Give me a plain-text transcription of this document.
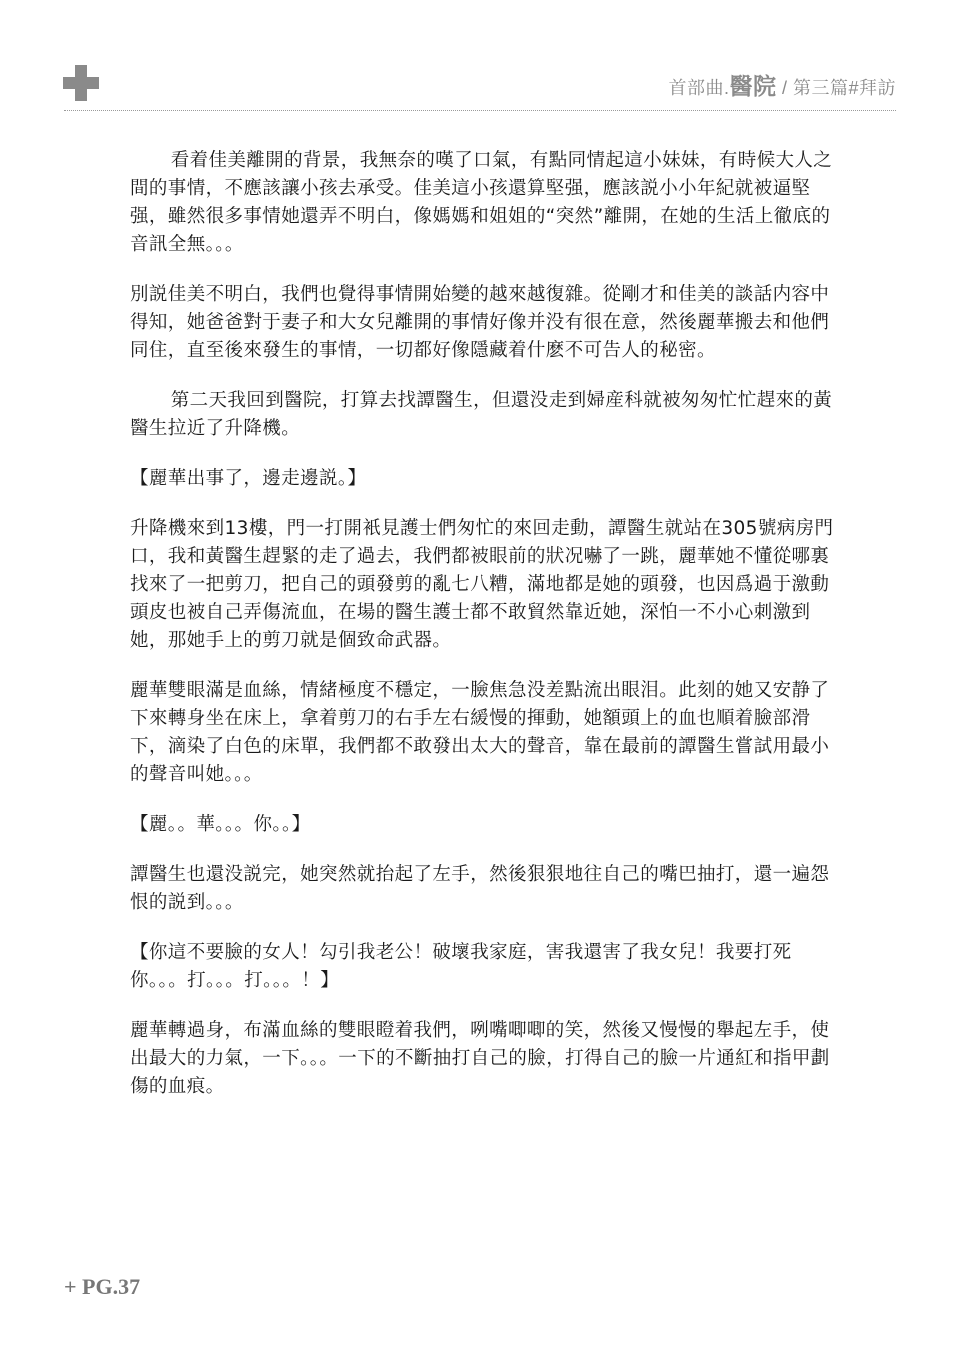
首部曲.醫院 / 第三篇#拜訪

看着佳美離開的背景，我無奈的嘆了口氣，有點同情起這小妹妹，有時候大人之間的事情，不應該讓小孩去承受。佳美這小孩還算堅强，應該説小小年紀就被逼堅强，雖然很多事情她還弄不明白，像媽媽和姐姐的“突然”離開，在她的生活上徹底的音訊全無。。。

別説佳美不明白，我們也覺得事情開始變的越來越復雜。從剛才和佳美的談話内容中得知，她爸爸對于妻子和大女兒離開的事情好像并没有很在意，然後麗華搬去和他們同住，直至後來發生的事情，一切都好像隱藏着什麽不可告人的秘密。

第二天我回到醫院，打算去找譚醫生，但還没走到婦産科就被匆匆忙忙趕來的黃醫生拉近了升降機。

【麗華出事了，邊走邊説。】

升降機來到13樓，門一打開衹見護士們匆忙的來回走動，譚醫生就站在305號病房門口，我和黃醫生趕緊的走了過去，我們都被眼前的狀况嚇了一跳，麗華她不懂從哪裏找來了一把剪刀，把自己的頭發剪的亂七八糟，滿地都是她的頭發，也因爲過于激動頭皮也被自己弄傷流血，在場的醫生護士都不敢貿然靠近她，深怕一不小心刺激到她，那她手上的剪刀就是個致命武器。

麗華雙眼滿是血絲，情緒極度不穩定，一臉焦急没差點流出眼泪。此刻的她又安静了下來轉身坐在床上，拿着剪刀的右手左右緩慢的揮動，她額頭上的血也順着臉部滑下，滴染了白色的床單，我們都不敢發出太大的聲音，靠在最前的譚醫生嘗試用最小的聲音叫她。。。

【麗。。華。。。你。。】

譚醫生也還没説完，她突然就抬起了左手，然後狠狠地往自己的嘴巴抽打，還一遍怨恨的説到。。。

【你這不要臉的女人！勾引我老公！破壞我家庭，害我還害了我女兒！我要打死你。。。打。。。打。。。！】

麗華轉過身，布滿血絲的雙眼瞪着我們，咧嘴唧唧的笑，然後又慢慢的舉起左手，使出最大的力氣，一下。。。一下的不斷抽打自己的臉，打得自己的臉一片通紅和指甲劃傷的血痕。

+ PG.37
